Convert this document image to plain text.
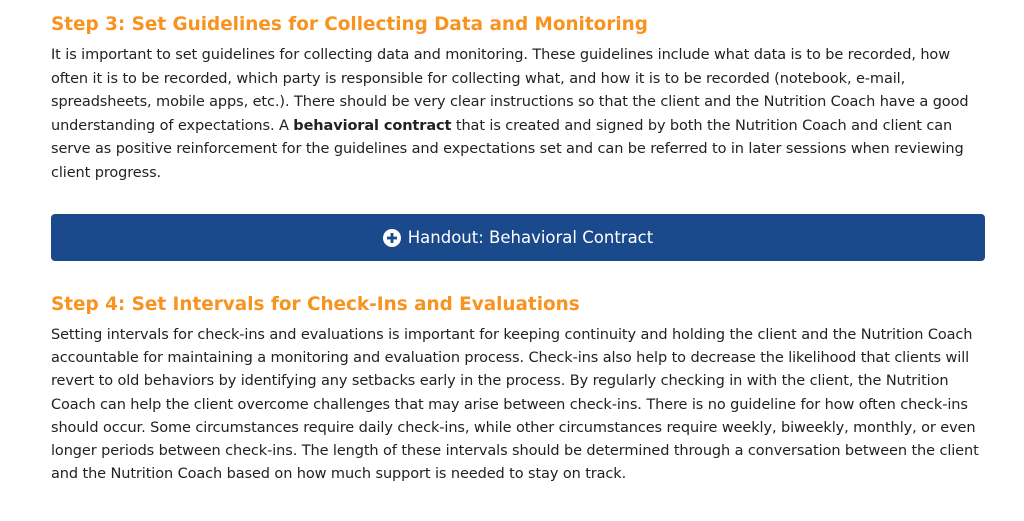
Step 3: Set Guidelines for Collecting Data and Monitoring

It is important to set guidelines for collecting data and monitoring. These guidelines include what data is to be recorded, how often it is to be recorded, which party is responsible for collecting what, and how it is to be recorded (notebook, e-mail, spreadsheets, mobile apps, etc.). There should be very clear instructions so that the client and the Nutrition Coach have a good understanding of expectations. A behavioral contract that is created and signed by both the Nutrition Coach and client can serve as positive reinforcement for the guidelines and expectations set and can be referred to in later sessions when reviewing client progress.

Handout: Behavioral Contract
Step 4: Set Intervals for Check-Ins and Evaluations

Setting intervals for check-ins and evaluations is important for keeping continuity and holding the client and the Nutrition Coach accountable for maintaining a monitoring and evaluation process. Check-ins also help to decrease the likelihood that clients will revert to old behaviors by identifying any setbacks early in the process. By regularly checking in with the client, the Nutrition Coach can help the client overcome challenges that may arise between check-ins. There is no guideline for how often check-ins should occur. Some circumstances require daily check-ins, while other circumstances require weekly, biweekly, monthly, or even longer periods between check-ins. The length of these intervals should be determined through a conversation between the client and the Nutrition Coach based on how much support is needed to stay on track.
